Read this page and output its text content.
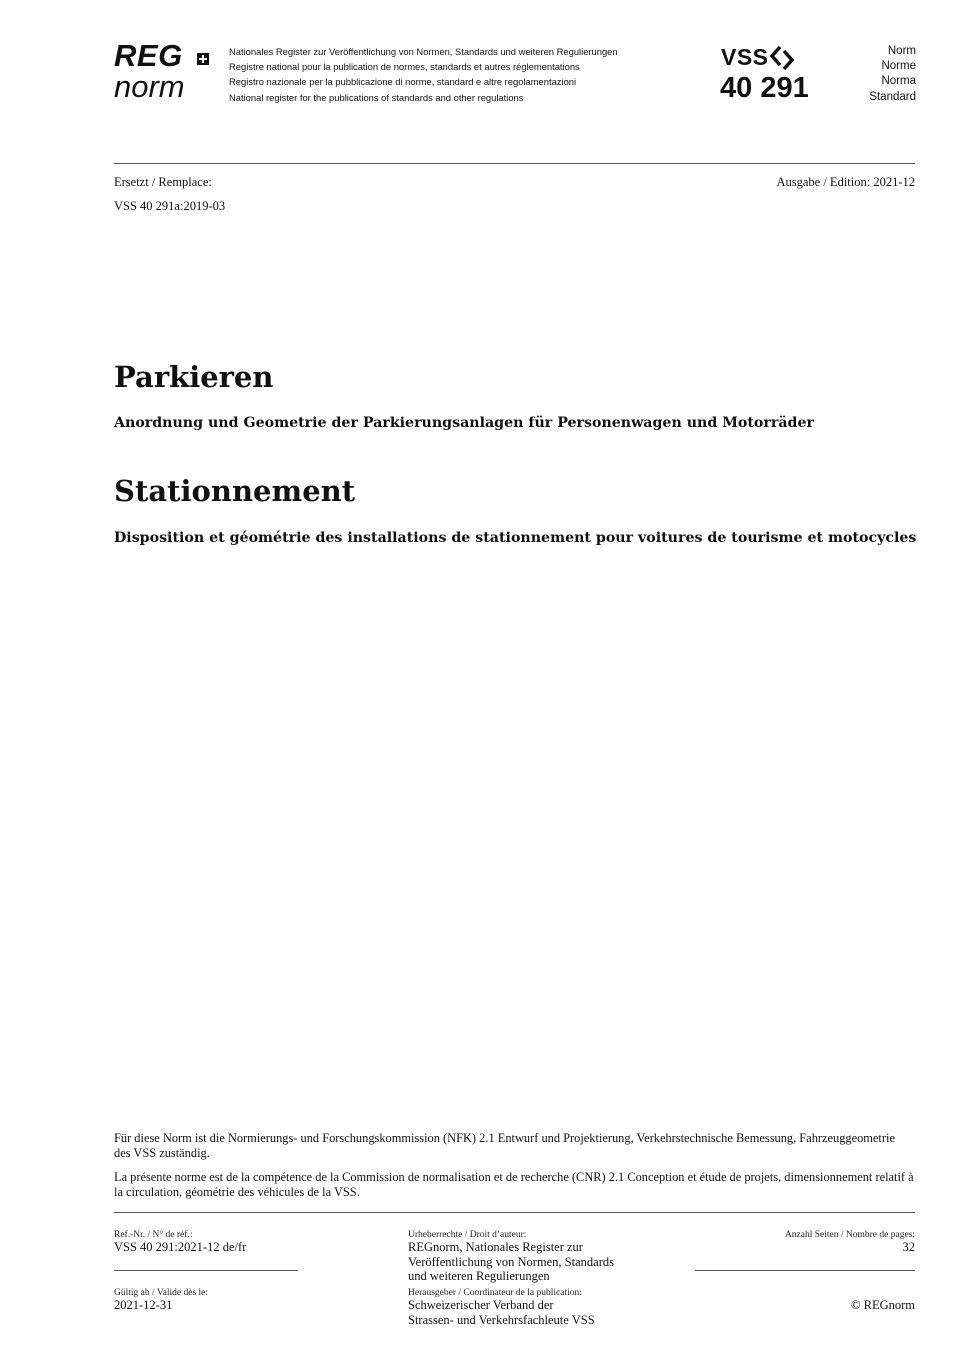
REG
norm
Nationales Register zur Veröffentlichung von Normen, Standards und weiteren Regulierungen
Registre national pour la publication de normes, standards et autres réglementations
Registro nazionale per la pubblicazione di norme, standard e altre regolamentazioni
National register for the publications of standards and other regulations
VSS
40 291
Norm
Norme
Norma
Standard
Ersetzt / Remplace:
VSS 40 291a:2019-03
Ausgabe / Edition: 2021-12
Parkieren
Anordnung und Geometrie der Parkierungsanlagen für Personenwagen und Motorräder
Stationnement
Disposition et géométrie des installations de stationnement pour voitures de tourisme et motocycles
Für diese Norm ist die Normierungs- und Forschungskommission (NFK) 2.1 Entwurf und Projektierung, Verkehrstechnische Bemessung, Fahrzeuggeometrie des VSS zuständig.
La présente norme est de la compétence de la Commission de normalisation et de recherche (CNR) 2.1 Conception et étude de projets, dimensionnement relatif à la circulation, géométrie des véhicules de la VSS.
Ref.-Nr. / N° de réf.:
VSS 40 291:2021-12 de/fr
Gültig ab / Valide dès le:
2021-12-31
Urheberrechte / Droit d’auteur:
REGnorm, Nationales Register zur
Veröffentlichung von Normen, Standards
und weiteren Regulierungen
Herausgeber / Coordinateur de la publication:
Schweizerischer Verband der
Strassen- und Verkehrsfachleute VSS
Anzahl Seiten / Nombre de pages:
32
© REGnorm
